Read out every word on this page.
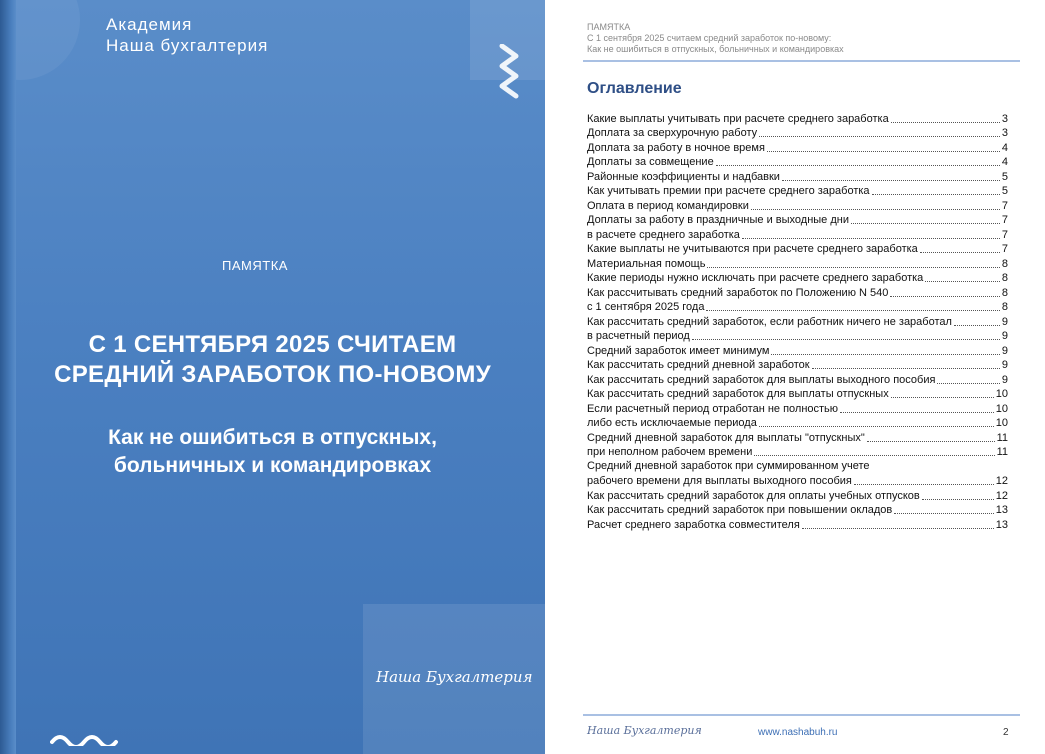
Академия
Наша бухгалтерия
ПАМЯТКА
С 1 СЕНТЯБРЯ 2025 СЧИТАЕМ
СРЕДНИЙ ЗАРАБОТОК ПО-НОВОМУ
Как не ошибиться в отпускных,
больничных и командировках
Наша Бухгалтерия
ПАМЯТКА
С 1 сентября 2025 считаем средний заработок по-новому:
Как не ошибиться в отпускных, больничных и командировках
Оглавление
Какие выплаты учитывать при расчете среднего заработка	3
Доплата за сверхурочную работу	3
Доплата за работу в ночное время	4
Доплаты за совмещение	4
Районные коэффициенты и надбавки	5
Как учитывать премии при расчете среднего заработка	5
Оплата в период командировки	7
Доплаты за работу в праздничные и выходные дни	7
в расчете среднего заработка	7
Какие выплаты не учитываются при расчете среднего заработка	7
Материальная помощь	8
Какие периоды нужно исключать при расчете среднего заработка	8
Как рассчитывать средний заработок по Положению N 540	8
с 1 сентября 2025 года	8
Как рассчитать средний заработок, если работник ничего не заработал	9
в расчетный период	9
Средний заработок имеет минимум	9
Как рассчитать средний дневной заработок	9
Как рассчитать средний заработок для выплаты выходного пособия	9
Как рассчитать средний заработок для выплаты отпускных	10
Если расчетный период отработан не полностью	10
либо есть исключаемые периода	10
Средний дневной заработок для выплаты "отпускных"	11
при неполном рабочем времени	11
Средний дневной заработок при суммированном учете
рабочего времени для выплаты выходного пособия	12
Как рассчитать средний заработок для оплаты учебных отпусков	12
Как рассчитать средний заработок при повышении окладов	13
Расчет среднего заработка совместителя	13
Наша Бухгалтерия	www.nashabuh.ru	2
